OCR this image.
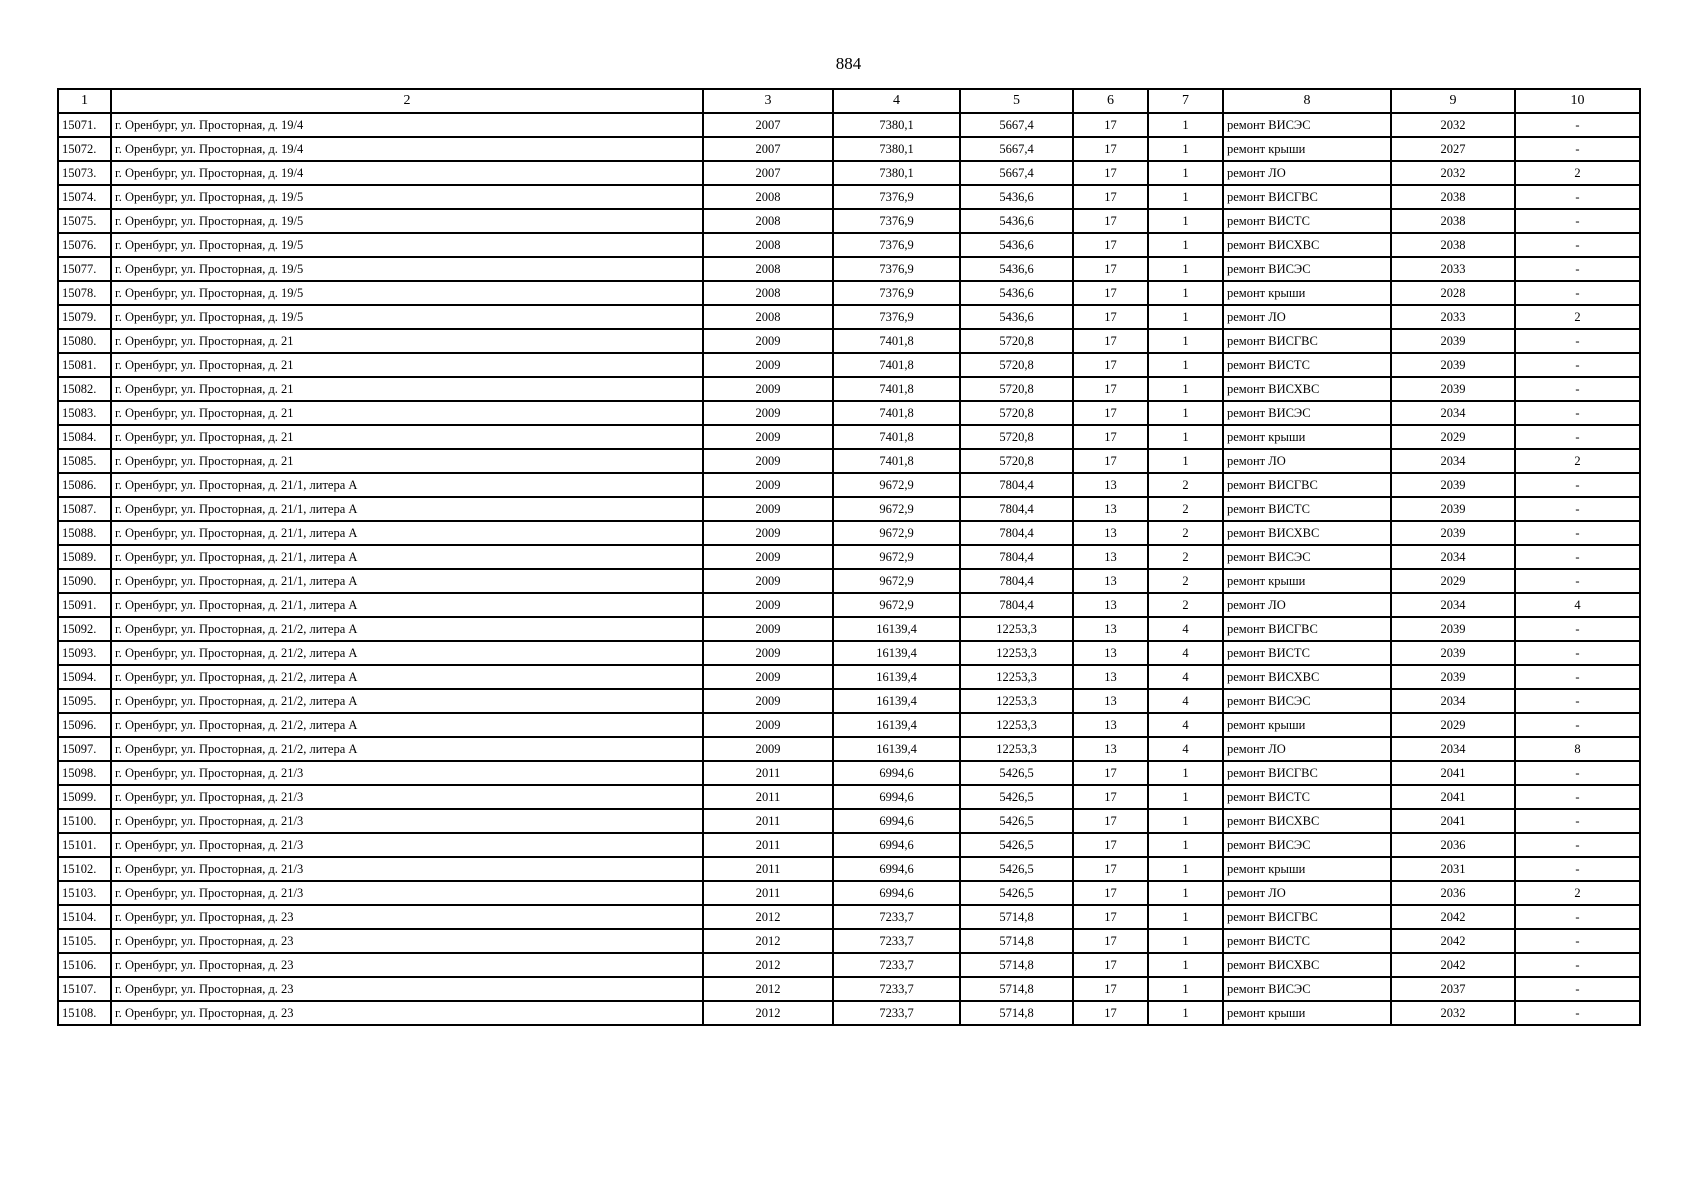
884
1	2	3	4	5	6	7	8	9	10
15071.	г. Оренбург, ул. Просторная, д. 19/4	2007	7380,1	5667,4	17	1	ремонт ВИСЭС	2032	-
15072.	г. Оренбург, ул. Просторная, д. 19/4	2007	7380,1	5667,4	17	1	ремонт крыши	2027	-
15073.	г. Оренбург, ул. Просторная, д. 19/4	2007	7380,1	5667,4	17	1	ремонт ЛО	2032	2
15074.	г. Оренбург, ул. Просторная, д. 19/5	2008	7376,9	5436,6	17	1	ремонт ВИСГВС	2038	-
15075.	г. Оренбург, ул. Просторная, д. 19/5	2008	7376,9	5436,6	17	1	ремонт ВИСТС	2038	-
15076.	г. Оренбург, ул. Просторная, д. 19/5	2008	7376,9	5436,6	17	1	ремонт ВИСХВС	2038	-
15077.	г. Оренбург, ул. Просторная, д. 19/5	2008	7376,9	5436,6	17	1	ремонт ВИСЭС	2033	-
15078.	г. Оренбург, ул. Просторная, д. 19/5	2008	7376,9	5436,6	17	1	ремонт крыши	2028	-
15079.	г. Оренбург, ул. Просторная, д. 19/5	2008	7376,9	5436,6	17	1	ремонт ЛО	2033	2
15080.	г. Оренбург, ул. Просторная, д. 21	2009	7401,8	5720,8	17	1	ремонт ВИСГВС	2039	-
15081.	г. Оренбург, ул. Просторная, д. 21	2009	7401,8	5720,8	17	1	ремонт ВИСТС	2039	-
15082.	г. Оренбург, ул. Просторная, д. 21	2009	7401,8	5720,8	17	1	ремонт ВИСХВС	2039	-
15083.	г. Оренбург, ул. Просторная, д. 21	2009	7401,8	5720,8	17	1	ремонт ВИСЭС	2034	-
15084.	г. Оренбург, ул. Просторная, д. 21	2009	7401,8	5720,8	17	1	ремонт крыши	2029	-
15085.	г. Оренбург, ул. Просторная, д. 21	2009	7401,8	5720,8	17	1	ремонт ЛО	2034	2
15086.	г. Оренбург, ул. Просторная, д. 21/1, литера А	2009	9672,9	7804,4	13	2	ремонт ВИСГВС	2039	-
15087.	г. Оренбург, ул. Просторная, д. 21/1, литера А	2009	9672,9	7804,4	13	2	ремонт ВИСТС	2039	-
15088.	г. Оренбург, ул. Просторная, д. 21/1, литера А	2009	9672,9	7804,4	13	2	ремонт ВИСХВС	2039	-
15089.	г. Оренбург, ул. Просторная, д. 21/1, литера А	2009	9672,9	7804,4	13	2	ремонт ВИСЭС	2034	-
15090.	г. Оренбург, ул. Просторная, д. 21/1, литера А	2009	9672,9	7804,4	13	2	ремонт крыши	2029	-
15091.	г. Оренбург, ул. Просторная, д. 21/1, литера А	2009	9672,9	7804,4	13	2	ремонт ЛО	2034	4
15092.	г. Оренбург, ул. Просторная, д. 21/2, литера А	2009	16139,4	12253,3	13	4	ремонт ВИСГВС	2039	-
15093.	г. Оренбург, ул. Просторная, д. 21/2, литера А	2009	16139,4	12253,3	13	4	ремонт ВИСТС	2039	-
15094.	г. Оренбург, ул. Просторная, д. 21/2, литера А	2009	16139,4	12253,3	13	4	ремонт ВИСХВС	2039	-
15095.	г. Оренбург, ул. Просторная, д. 21/2, литера А	2009	16139,4	12253,3	13	4	ремонт ВИСЭС	2034	-
15096.	г. Оренбург, ул. Просторная, д. 21/2, литера А	2009	16139,4	12253,3	13	4	ремонт крыши	2029	-
15097.	г. Оренбург, ул. Просторная, д. 21/2, литера А	2009	16139,4	12253,3	13	4	ремонт ЛО	2034	8
15098.	г. Оренбург, ул. Просторная, д. 21/3	2011	6994,6	5426,5	17	1	ремонт ВИСГВС	2041	-
15099.	г. Оренбург, ул. Просторная, д. 21/3	2011	6994,6	5426,5	17	1	ремонт ВИСТС	2041	-
15100.	г. Оренбург, ул. Просторная, д. 21/3	2011	6994,6	5426,5	17	1	ремонт ВИСХВС	2041	-
15101.	г. Оренбург, ул. Просторная, д. 21/3	2011	6994,6	5426,5	17	1	ремонт ВИСЭС	2036	-
15102.	г. Оренбург, ул. Просторная, д. 21/3	2011	6994,6	5426,5	17	1	ремонт крыши	2031	-
15103.	г. Оренбург, ул. Просторная, д. 21/3	2011	6994,6	5426,5	17	1	ремонт ЛО	2036	2
15104.	г. Оренбург, ул. Просторная, д. 23	2012	7233,7	5714,8	17	1	ремонт ВИСГВС	2042	-
15105.	г. Оренбург, ул. Просторная, д. 23	2012	7233,7	5714,8	17	1	ремонт ВИСТС	2042	-
15106.	г. Оренбург, ул. Просторная, д. 23	2012	7233,7	5714,8	17	1	ремонт ВИСХВС	2042	-
15107.	г. Оренбург, ул. Просторная, д. 23	2012	7233,7	5714,8	17	1	ремонт ВИСЭС	2037	-
15108.	г. Оренбург, ул. Просторная, д. 23	2012	7233,7	5714,8	17	1	ремонт крыши	2032	-
